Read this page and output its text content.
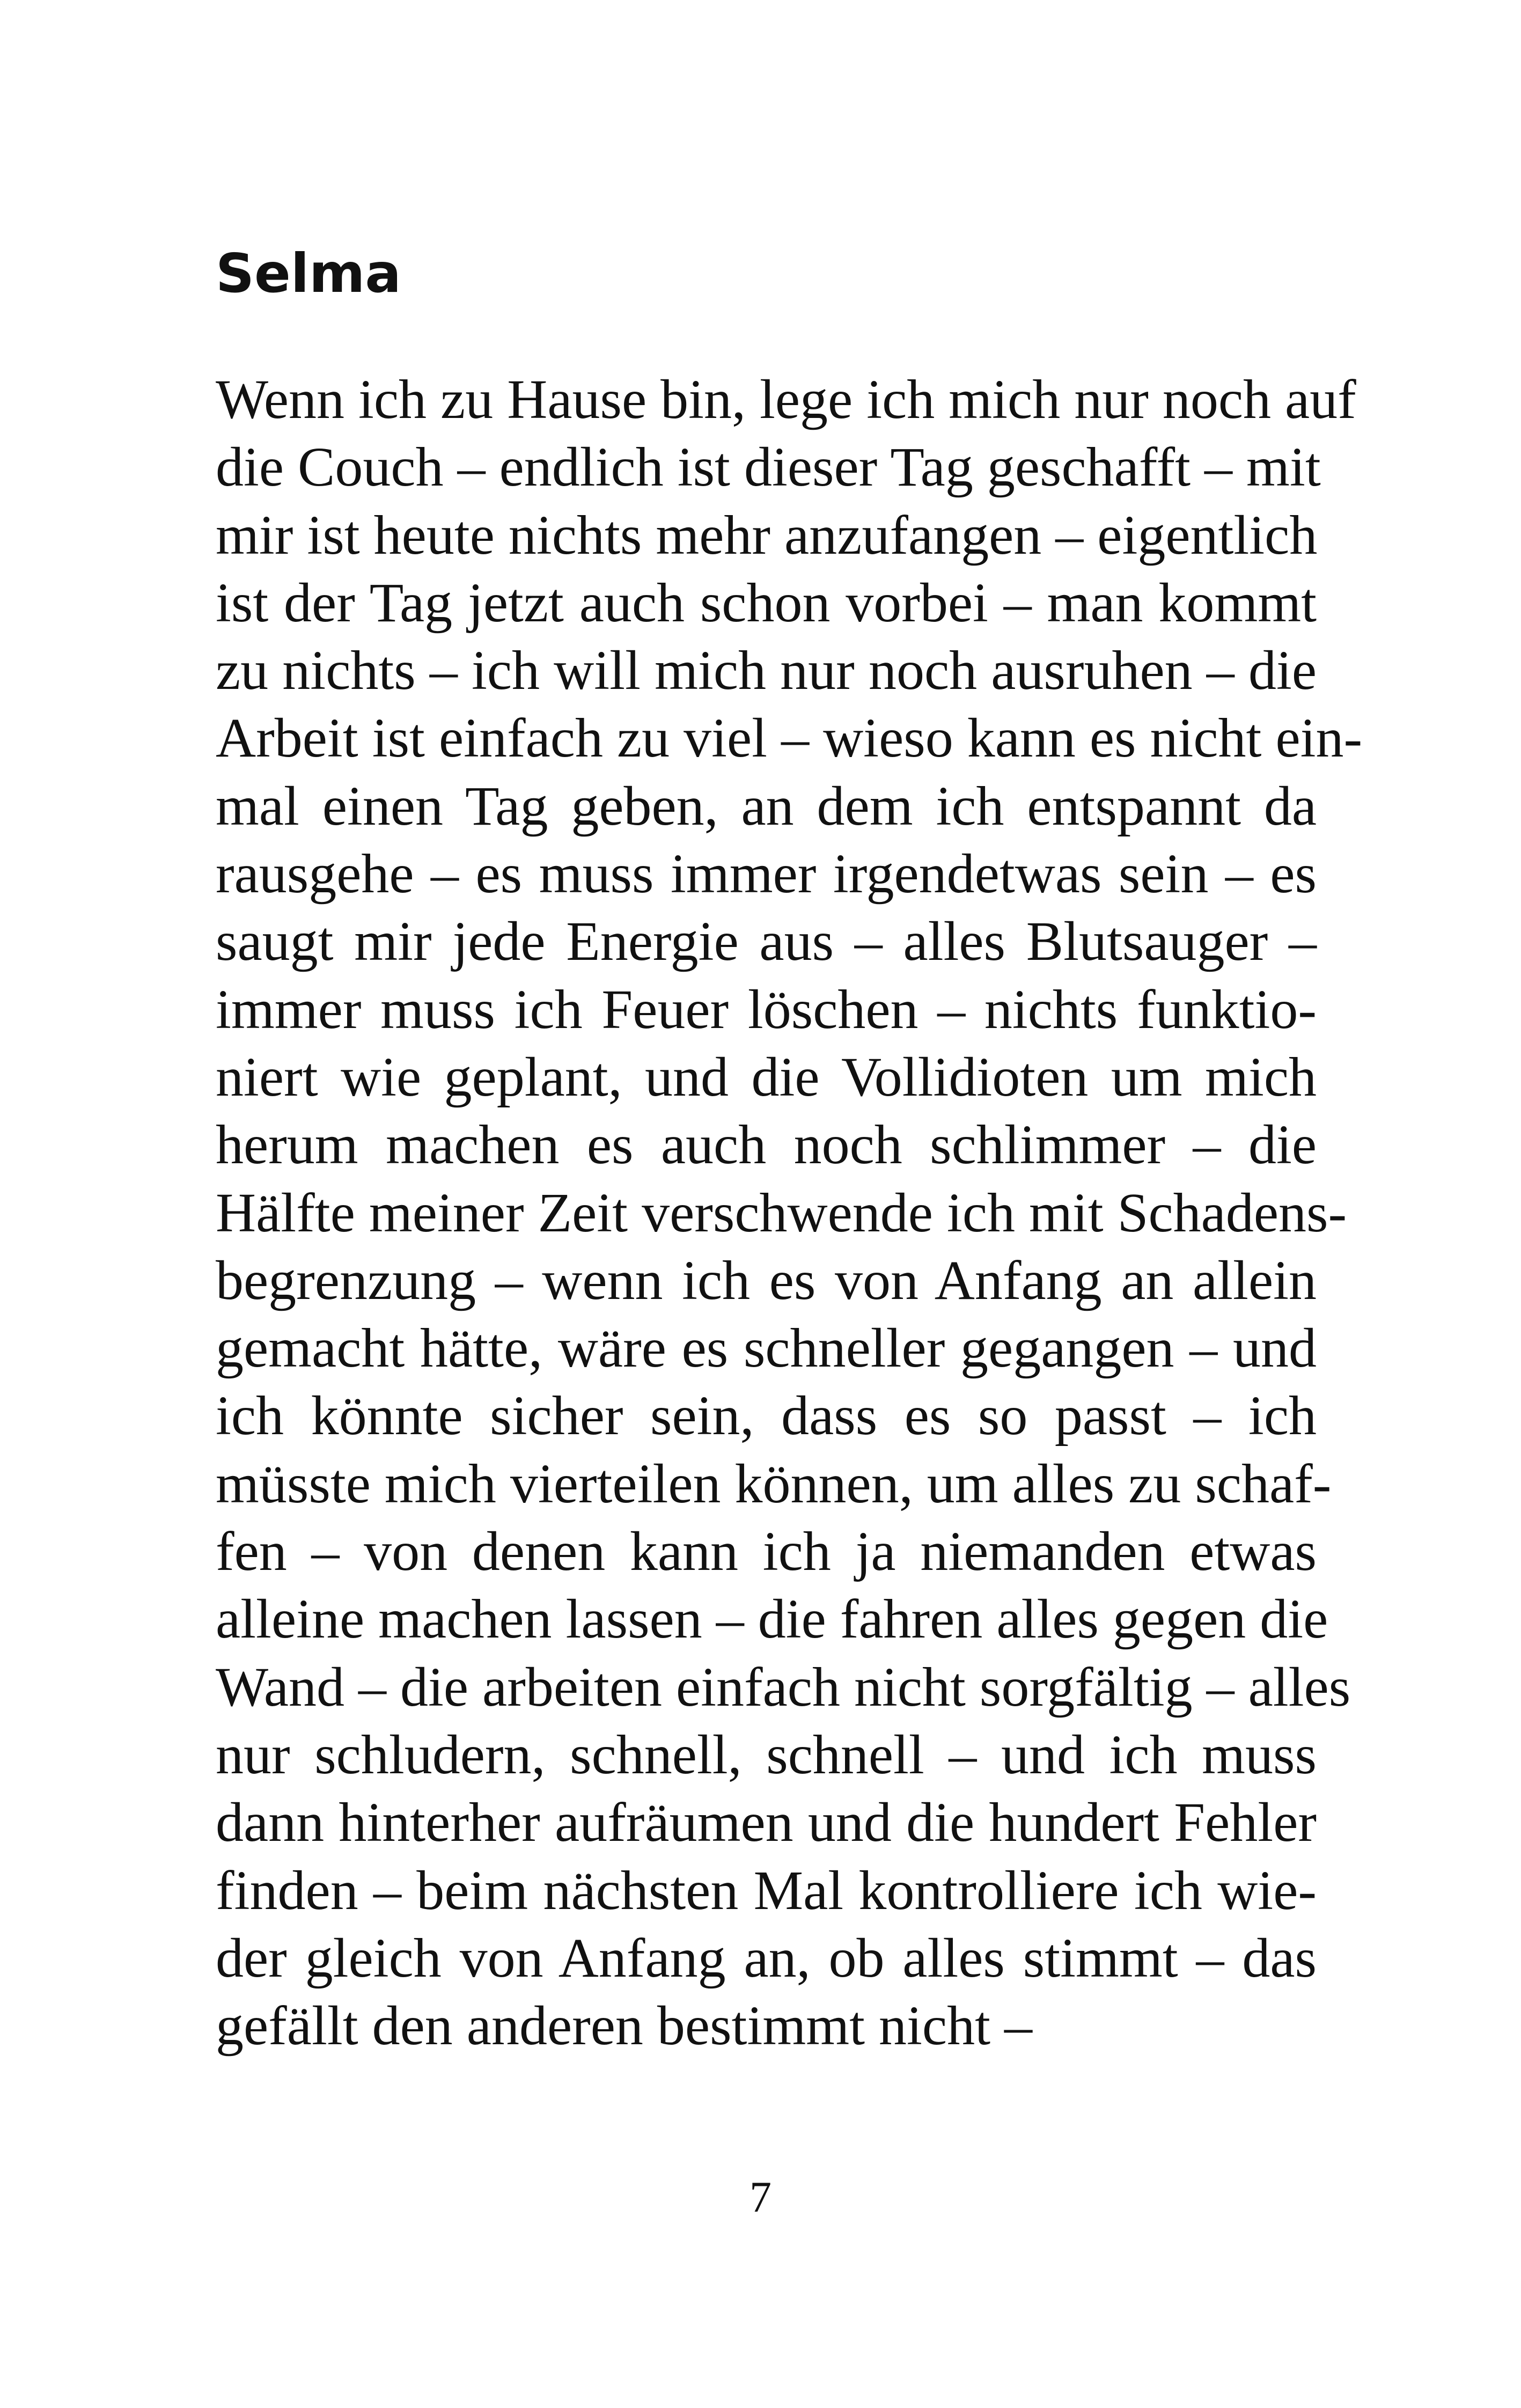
Selma
Wenn ich zu Hause bin, lege ich mich nur noch auf
die Couch – endlich ist dieser Tag geschafft – mit
mir ist heute nichts mehr anzufangen – eigentlich
ist der Tag jetzt auch schon vorbei – man kommt
zu nichts – ich will mich nur noch ausruhen – die
Arbeit ist einfach zu viel – wieso kann es nicht ein-
mal einen Tag geben, an dem ich entspannt da
rausgehe – es muss immer irgendetwas sein – es
saugt mir jede Energie aus – alles Blutsauger –
immer muss ich Feuer löschen – nichts funktio-
niert wie geplant, und die Vollidioten um mich
herum machen es auch noch schlimmer – die
Hälfte meiner Zeit verschwende ich mit Schadens-
begrenzung – wenn ich es von Anfang an allein
gemacht hätte, wäre es schneller gegangen – und
ich könnte sicher sein, dass es so passt – ich
müsste mich vierteilen können, um alles zu schaf-
fen – von denen kann ich ja niemanden etwas
alleine machen lassen – die fahren alles gegen die
Wand – die arbeiten einfach nicht sorgfältig – alles
nur schludern, schnell, schnell – und ich muss
dann hinterher aufräumen und die hundert Fehler
finden – beim nächsten Mal kontrolliere ich wie-
der gleich von Anfang an, ob alles stimmt – das
gefällt den anderen bestimmt nicht –
7
